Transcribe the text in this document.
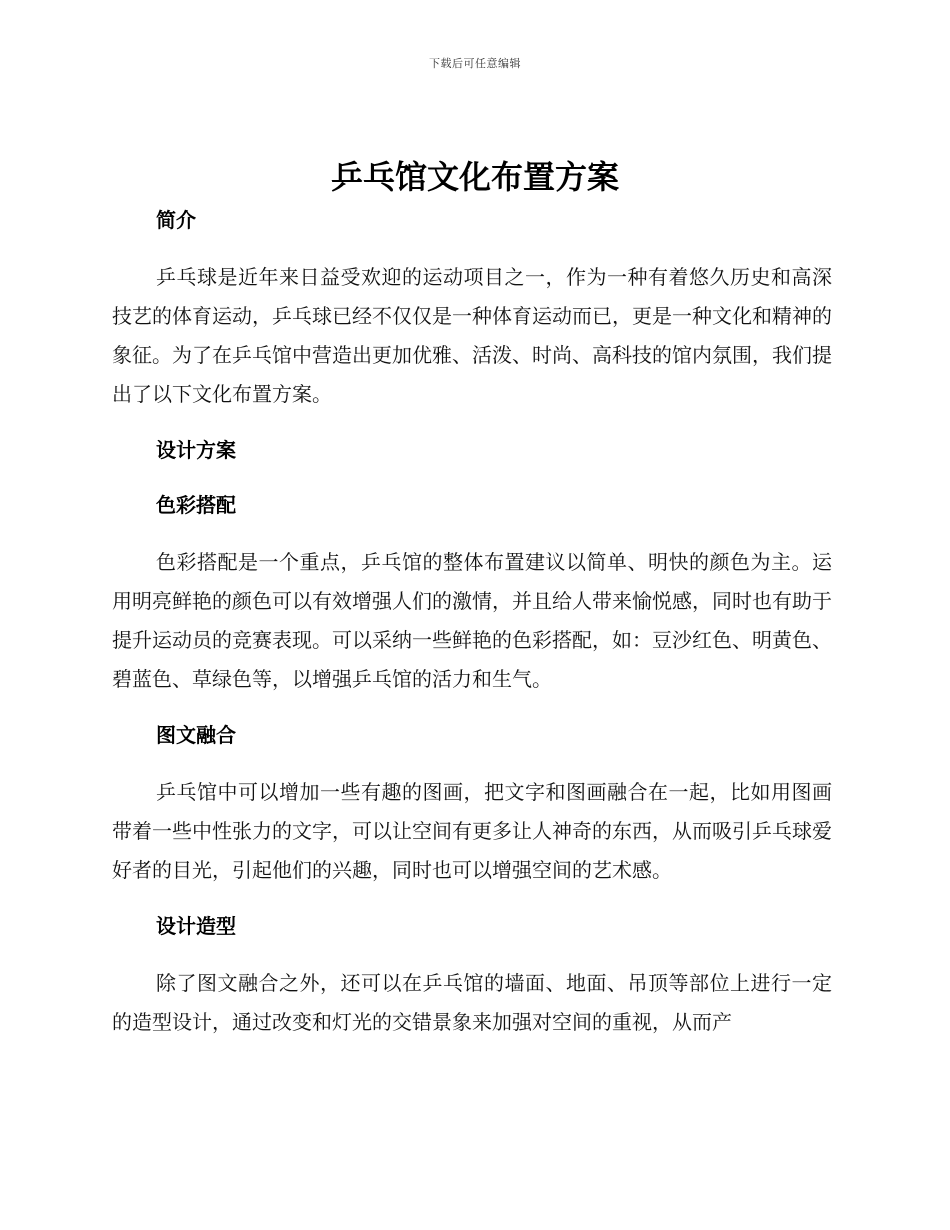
下载后可任意编辑
乒乓馆文化布置方案
简介

乒乓球是近年来日益受欢迎的运动项目之一，作为一种有着悠久历史和高深技艺的体育运动，乒乓球已经不仅仅是一种体育运动而已，更是一种文化和精神的象征。为了在乒乓馆中营造出更加优雅、活泼、时尚、高科技的馆内氛围，我们提出了以下文化布置方案。

设计方案
色彩搭配

色彩搭配是一个重点，乒乓馆的整体布置建议以简单、明快的颜色为主。运用明亮鲜艳的颜色可以有效增强人们的激情，并且给人带来愉悦感，同时也有助于提升运动员的竞赛表现。可以采纳一些鲜艳的色彩搭配，如：豆沙红色、明黄色、碧蓝色、草绿色等，以增强乒乓馆的活力和生气。

图文融合

乒乓馆中可以增加一些有趣的图画，把文字和图画融合在一起，比如用图画带着一些中性张力的文字，可以让空间有更多让人神奇的东西，从而吸引乒乓球爱好者的目光，引起他们的兴趣，同时也可以增强空间的艺术感。

设计造型

除了图文融合之外，还可以在乒乓馆的墙面、地面、吊顶等部位上进行一定的造型设计，通过改变和灯光的交错景象来加强对空间的重视，从而产
